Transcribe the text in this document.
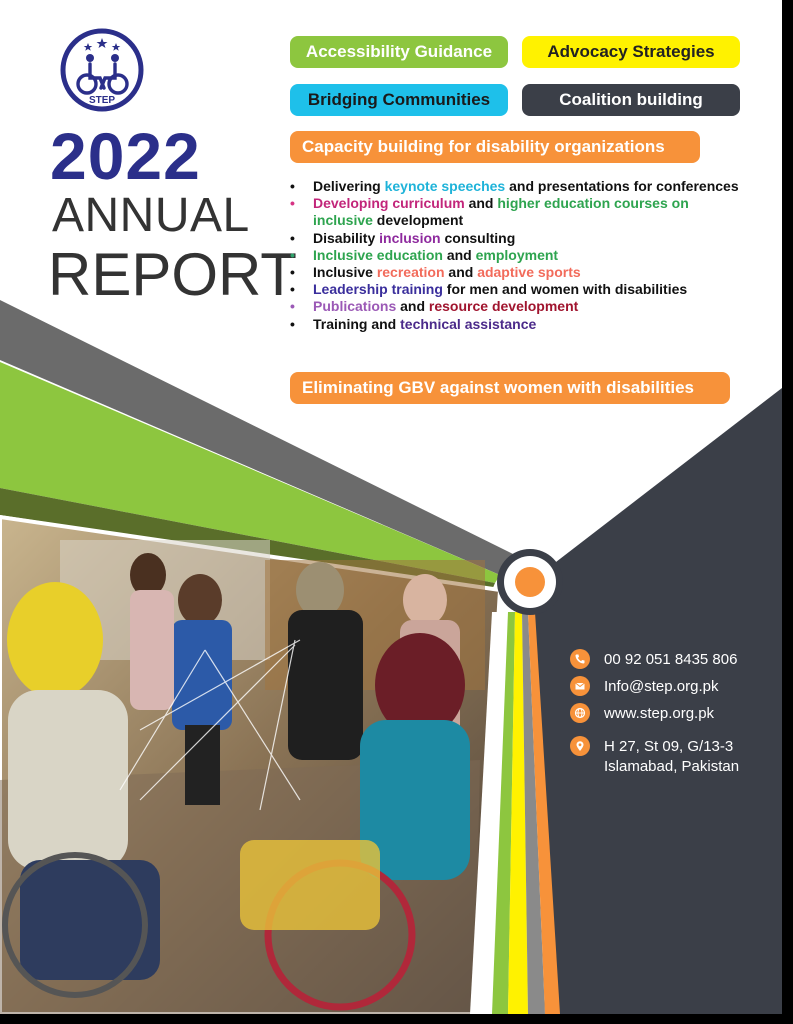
STEP
2022
ANNUAL
REPORT
Accessibility Guidance	Advocacy Strategies
Bridging Communities	Coalition building
Capacity building for disability organizations
• Delivering keynote speeches and presentations for conferences
• Developing curriculum and higher education courses on inclusive development
• Disability inclusion consulting
• Inclusive education and employment
• Inclusive recreation and adaptive sports
• Leadership training for men and women with disabilities
• Publications and resource development
• Training and technical assistance
Eliminating GBV against women with disabilities
00 92 051 8435 806
Info@step.org.pk
www.step.org.pk
H 27, St 09, G/13-3
Islamabad, Pakistan
